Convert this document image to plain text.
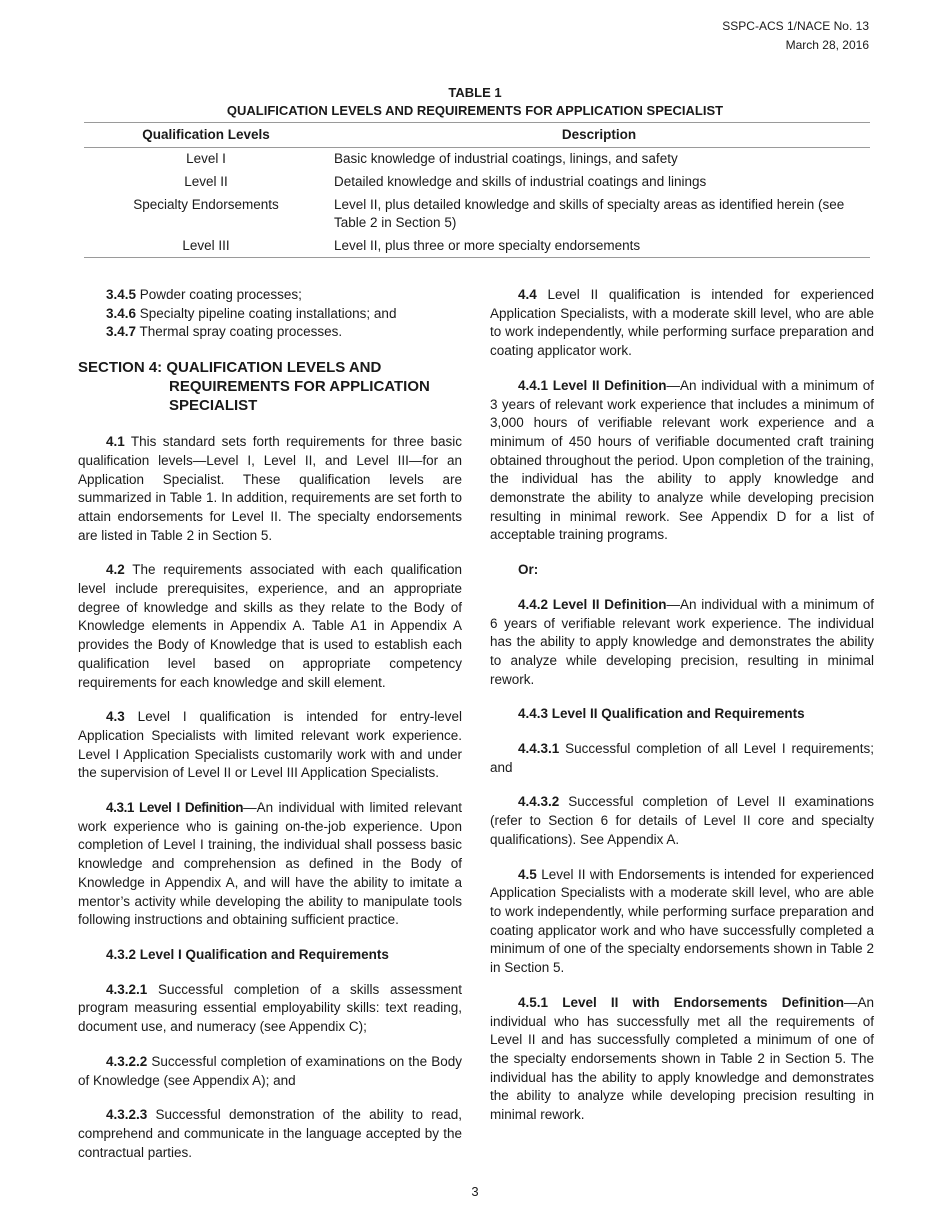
SSPC-ACS 1/NACE No. 13
March 28, 2016
TABLE 1
QUALIFICATION LEVELS AND REQUIREMENTS FOR APPLICATION SPECIALIST
Qualification Levels	Description
Level I	Basic knowledge of industrial coatings, linings, and safety
Level II	Detailed knowledge and skills of industrial coatings and linings
Specialty Endorsements	Level II, plus detailed knowledge and skills of specialty areas as identified herein (see Table 2 in Section 5)
Level III	Level II, plus three or more specialty endorsements
3.4.5 Powder coating processes;
3.4.6 Specialty pipeline coating installations; and
3.4.7 Thermal spray coating processes.
SECTION 4: QUALIFICATION LEVELS AND
REQUIREMENTS FOR APPLICATION
SPECIALIST

4.1 This standard sets forth requirements for three basic qualification levels—Level I, Level II, and Level III—for an Application Specialist. These qualification levels are summarized in Table 1. In addition, requirements are set forth to attain endorsements for Level II. The specialty endorsements are listed in Table 2 in Section 5.

4.2 The requirements associated with each qualification level include prerequisites, experience, and an appropriate degree of knowledge and skills as they relate to the Body of Knowledge elements in Appendix A. Table A1 in Appendix A provides the Body of Knowledge that is used to establish each qualification level based on appropriate competency requirements for each knowledge and skill element.

4.3 Level I qualification is intended for entry-level Application Specialists with limited relevant work experience. Level I Application Specialists customarily work with and under the supervision of Level II or Level III Application Specialists.

4.3.1 Level I Definition—An individual with limited relevant work experience who is gaining on-the-job experience. Upon completion of Level I training, the individual shall possess basic knowledge and comprehension as defined in the Body of Knowledge in Appendix A, and will have the ability to imitate a mentor’s activity while developing the ability to manipulate tools following instructions and obtaining sufficient practice.

4.3.2 Level I Qualification and Requirements

4.3.2.1 Successful completion of a skills assessment program measuring essential employability skills: text reading, document use, and numeracy (see Appendix C);

4.3.2.2 Successful completion of examinations on the Body of Knowledge (see Appendix A); and

4.3.2.3 Successful demonstration of the ability to read, comprehend and communicate in the language accepted by the contractual parties.

4.4 Level II qualification is intended for experienced Application Specialists, with a moderate skill level, who are able to work independently, while performing surface preparation and coating applicator work.

4.4.1 Level II Definition—An individual with a minimum of 3 years of relevant work experience that includes a minimum of 3,000 hours of verifiable relevant work experience and a minimum of 450 hours of verifiable documented craft training obtained throughout the period. Upon completion of the training, the individual has the ability to apply knowledge and demonstrate the ability to analyze while developing precision resulting in minimal rework. See Appendix D for a list of acceptable training programs.

Or:

4.4.2 Level II Definition—An individual with a minimum of 6 years of verifiable relevant work experience. The individual has the ability to apply knowledge and demonstrates the ability to analyze while developing precision, resulting in minimal rework.

4.4.3 Level II Qualification and Requirements

4.4.3.1 Successful completion of all Level I requirements; and

4.4.3.2 Successful completion of Level II examinations (refer to Section 6 for details of Level II core and specialty qualifications). See Appendix A.

4.5 Level II with Endorsements is intended for experienced Application Specialists with a moderate skill level, who are able to work independently, while performing surface preparation and coating applicator work and who have successfully completed a minimum of one of the specialty endorsements shown in Table 2 in Section 5.

4.5.1 Level II with Endorsements Definition—An individual who has successfully met all the requirements of Level II and has successfully completed a minimum of one of the specialty endorsements shown in Table 2 in Section 5. The individual has the ability to apply knowledge and demonstrates the ability to analyze while developing precision resulting in minimal rework.

3
